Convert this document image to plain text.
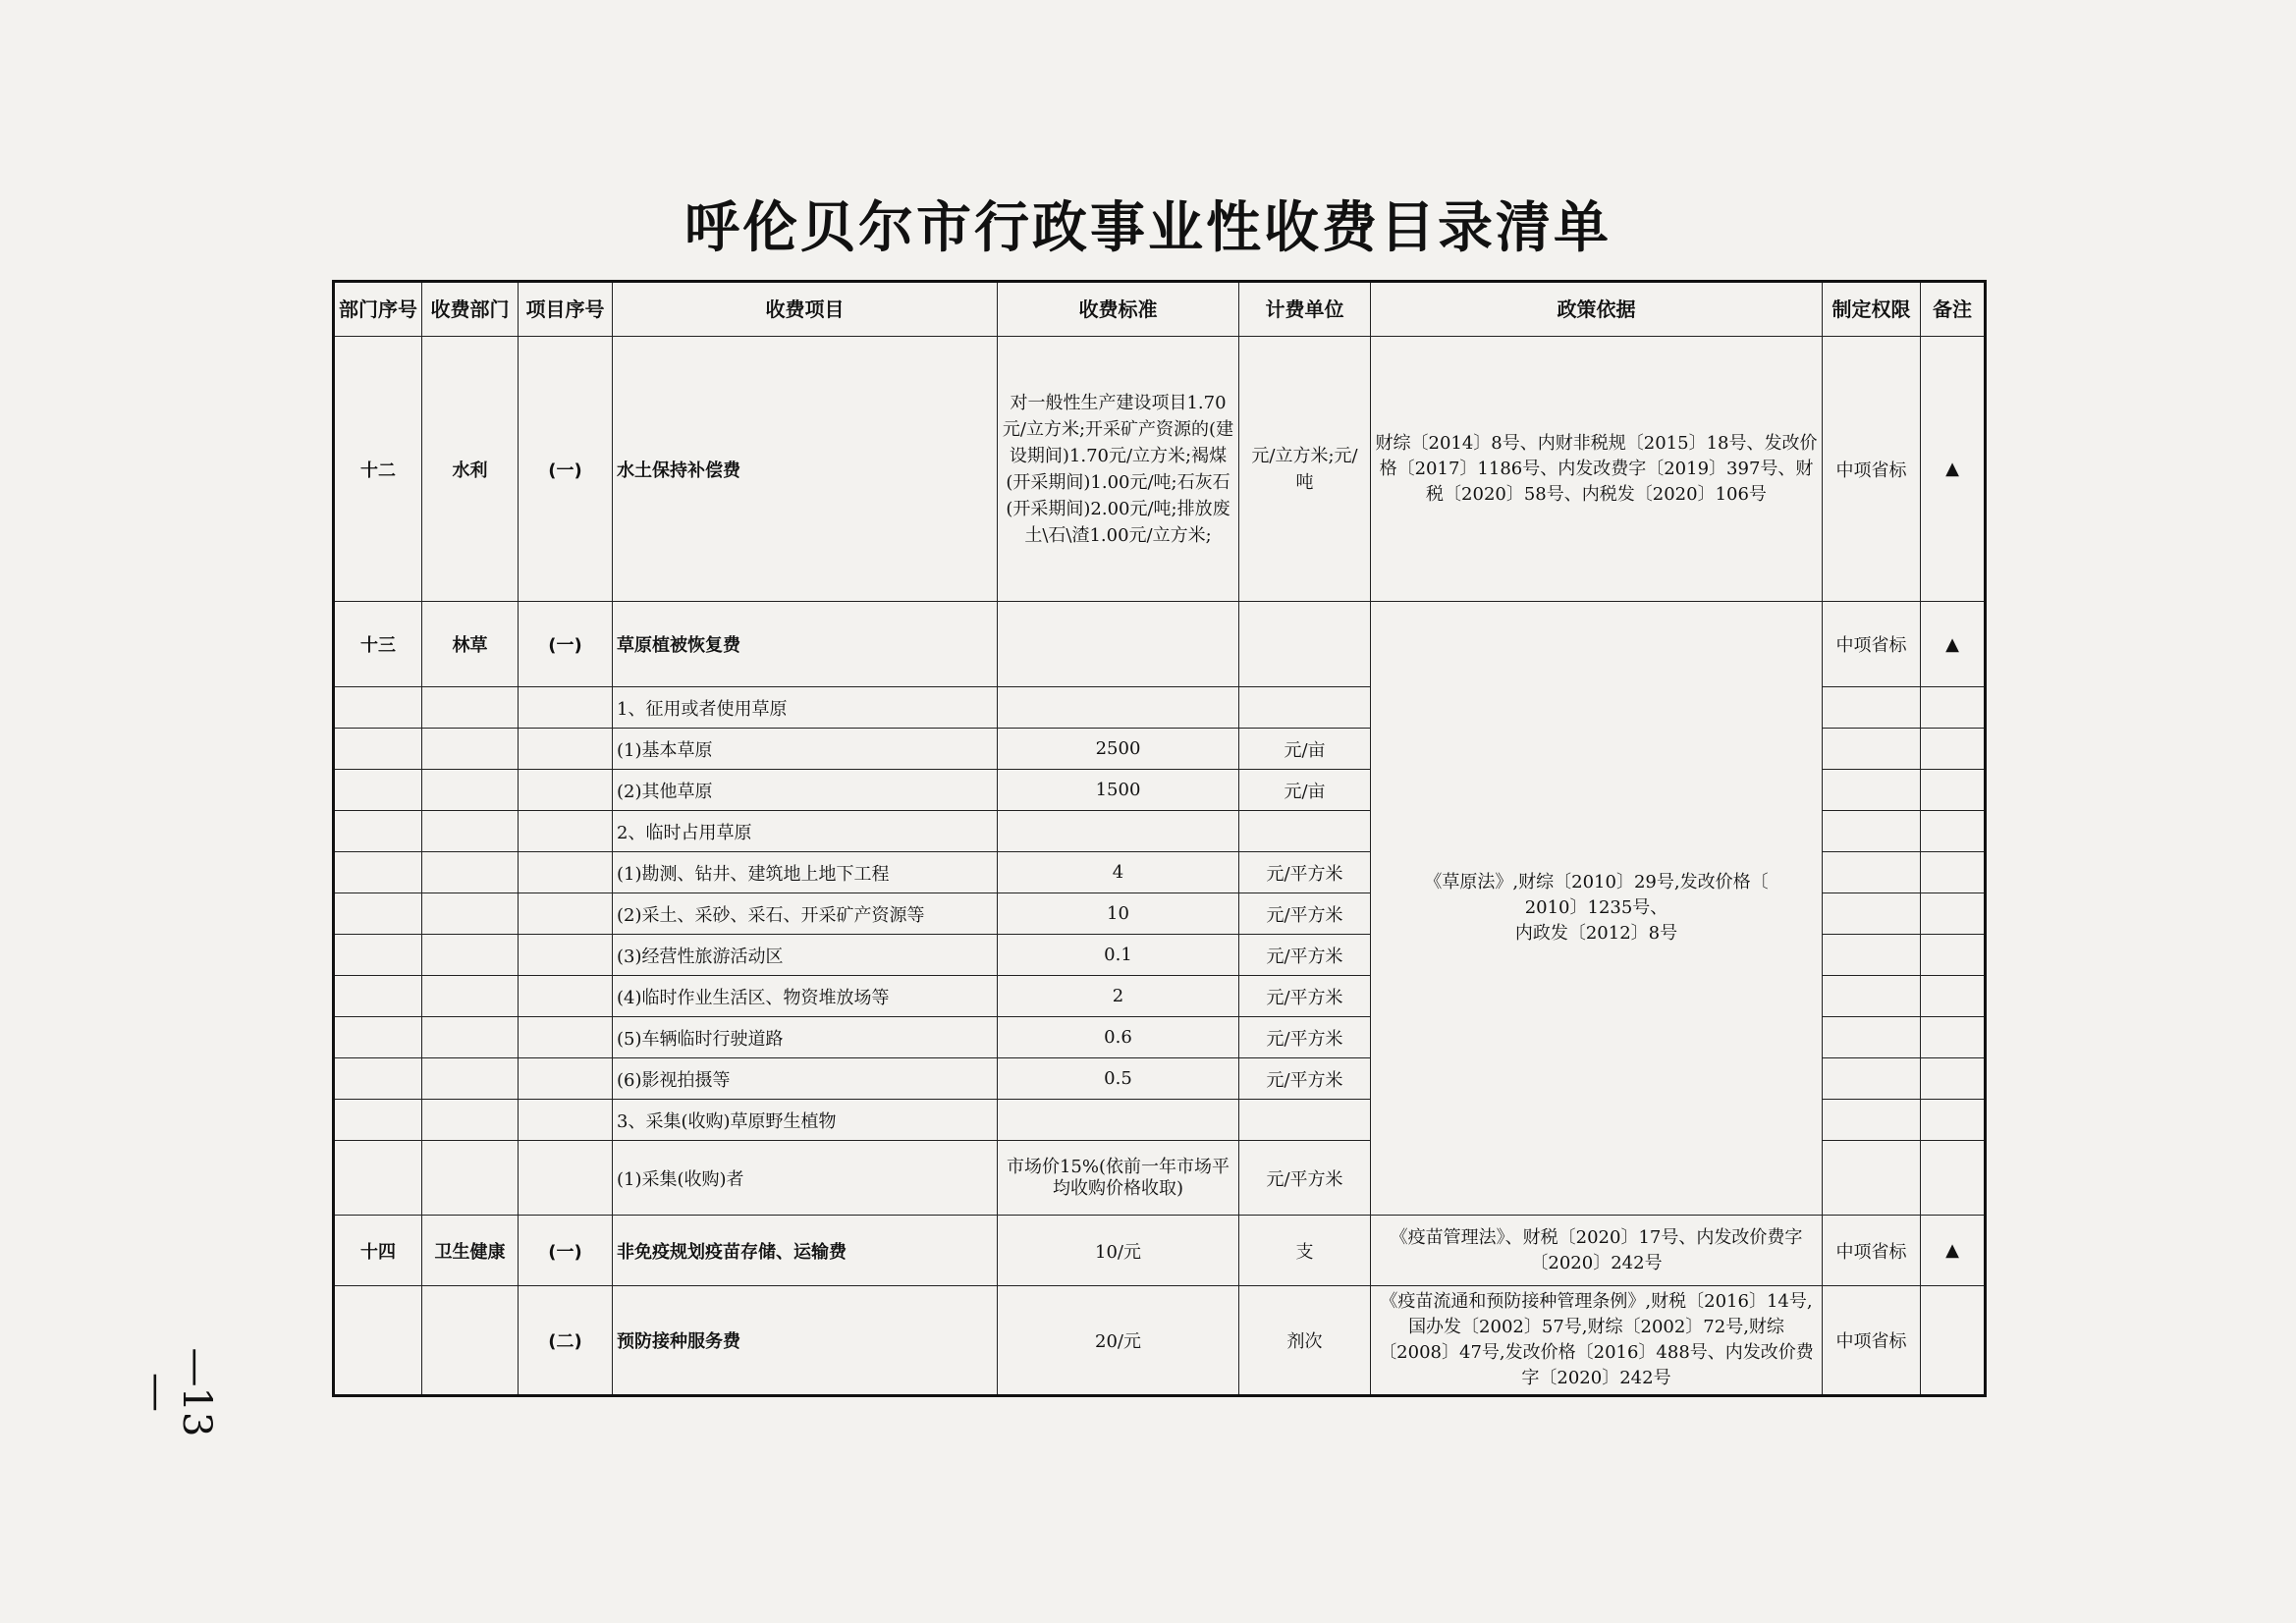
呼伦贝尔市行政事业性收费目录清单
部门序号	收费部门	项目序号	收费项目	收费标准	计费单位	政策依据	制定权限	备注
十二	水利	(一)	水土保持补偿费	对一般性生产建设项目1.70元/立方米;开采矿产资源的(建设期间)1.70元/立方米;褐煤(开采期间)1.00元/吨;石灰石(开采期间)2.00元/吨;排放废土\石\渣1.00元/立方米;	元/立方米;元/吨	财综〔2014〕8号、内财非税规〔2015〕18号、发改价格〔2017〕1186号、内发改费字〔2019〕397号、财税〔2020〕58号、内税发〔2020〕106号	中项省标	▲
十三	林草	(一)	草原植被恢复费			《草原法》,财综〔2010〕29号,发改价格〔
2010〕1235号、
内政发〔2012〕8号	中项省标	▲
			1、征用或者使用草原					
			(1)基本草原	2500	元/亩			
			(2)其他草原	1500	元/亩			
			2、临时占用草原					
			(1)勘测、钻井、建筑地上地下工程	4	元/平方米			
			(2)采土、采砂、采石、开采矿产资源等	10	元/平方米			
			(3)经营性旅游活动区	0.1	元/平方米			
			(4)临时作业生活区、物资堆放场等	2	元/平方米			
			(5)车辆临时行驶道路	0.6	元/平方米			
			(6)影视拍摄等	0.5	元/平方米			
			3、采集(收购)草原野生植物					
			(1)采集(收购)者	市场价15%(依前一年市场平均收购价格收取)	元/平方米			
十四	卫生健康	(一)	非免疫规划疫苗存储、运输费	10/元	支	《疫苗管理法》、财税〔2020〕17号、内发改价费字〔2020〕242号	中项省标	▲
		(二)	预防接种服务费	20/元	剂次	《疫苗流通和预防接种管理条例》,财税〔2016〕14号,国办发〔2002〕57号,财综〔2002〕72号,财综〔2008〕47号,发改价格〔2016〕488号、内发改价费字〔2020〕242号	中项省标	
—13—
